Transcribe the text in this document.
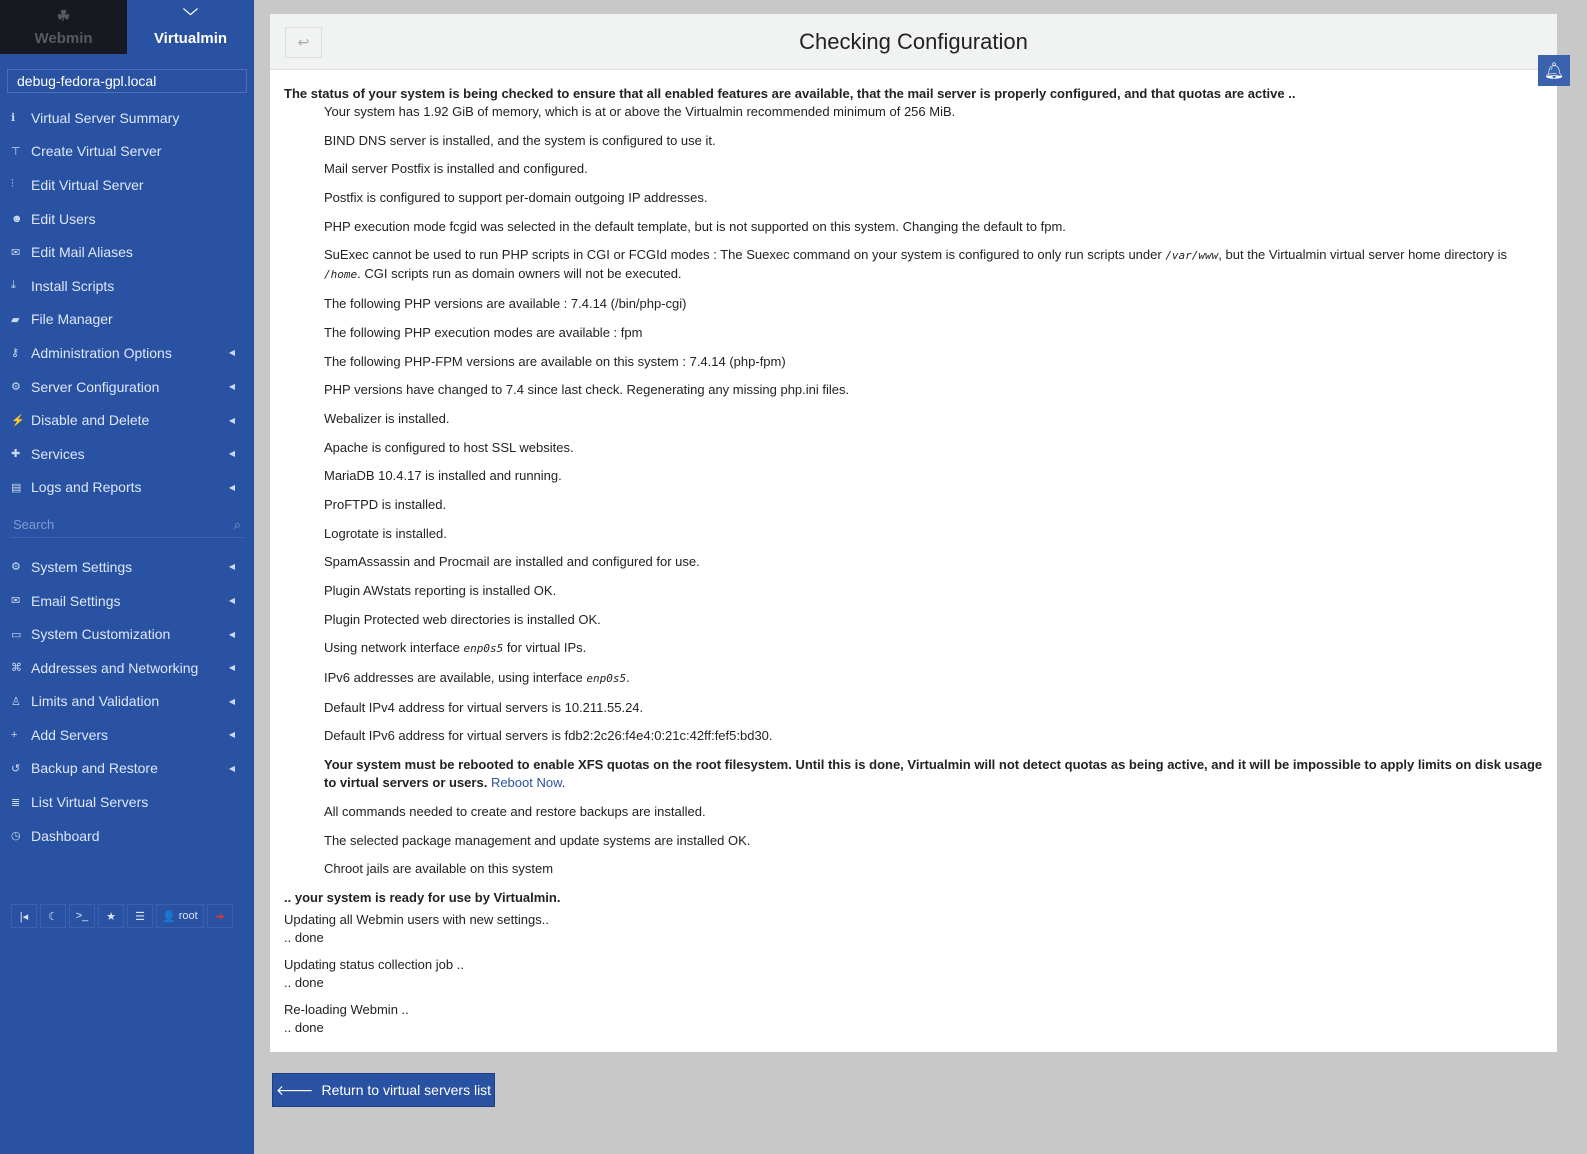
☘
Webmin
﹀
Virtualmin
debug-fedora-gpl.local
ℹ	Virtual Server Summary
⊤ Create Virtual Server
⫶	Edit Virtual Server
☻ Edit Users
✉ Edit Mail Aliases
⤓	Install Scripts
▰ File Manager
⚷ Administration Options	◀
⚙ Server Configuration	◀
⚡ Disable and Delete	◀
✚ Services	◀
▤ Logs and Reports	◀
Search	⌕
⚙ System Settings	◀
✉ Email Settings	◀
▭ System Customization	◀
⌘ Addresses and Networking	◀
♙ Limits and Validation	◀
+ Add Servers	◀
↺ Backup and Restore	◀
≣ List Virtual Servers
◷ Dashboard
|◂ ☾ >_ ★ ☰ 👤
root ➔
↩	Checking Configuration
The status of your system is being checked to ensure that all enabled features are available, that the mail server is properly configured, and that quotas are active ..

Your system has 1.92 GiB of memory, which is at or above the Virtualmin recommended minimum of 256 MiB.

BIND DNS server is installed, and the system is configured to use it.

Mail server Postfix is installed and configured.

Postfix is configured to support per-domain outgoing IP addresses.

PHP execution mode fcgid was selected in the default template, but is not supported on this system. Changing the default to fpm.

SuExec cannot be used to run PHP scripts in CGI or FCGId modes : The Suexec command on your system is configured to only run scripts under /var/www, but the Virtualmin virtual server home directory is /home. CGI scripts run as domain owners will not be executed.

The following PHP versions are available : 7.4.14 (/bin/php-cgi)

The following PHP execution modes are available : fpm

The following PHP-FPM versions are available on this system : 7.4.14 (php-fpm)

PHP versions have changed to 7.4 since last check. Regenerating any missing php.ini files.

Webalizer is installed.

Apache is configured to host SSL websites.

MariaDB 10.4.17 is installed and running.

ProFTPD is installed.

Logrotate is installed.

SpamAssassin and Procmail are installed and configured for use.

Plugin AWstats reporting is installed OK.

Plugin Protected web directories is installed OK.

Using network interface enp0s5 for virtual IPs.

IPv6 addresses are available, using interface enp0s5.

Default IPv4 address for virtual servers is 10.211.55.24.

Default IPv6 address for virtual servers is fdb2:2c26:f4e4:0:21c:42ff:fef5:bd30.

Your system must be rebooted to enable XFS quotas on the root filesystem. Until this is done, Virtualmin will not detect quotas as being active, and it will be impossible to apply limits on disk usage to virtual servers or users. Reboot Now.

All commands needed to create and restore backups are installed.

The selected package management and update systems are installed OK.

Chroot jails are available on this system

.. your system is ready for use by Virtualmin.

Updating all Webmin users with new settings..

.. done

Updating status collection job ..

.. done

Re-loading Webmin ..

.. done

🔔︎
🡐 Return to virtual servers list
